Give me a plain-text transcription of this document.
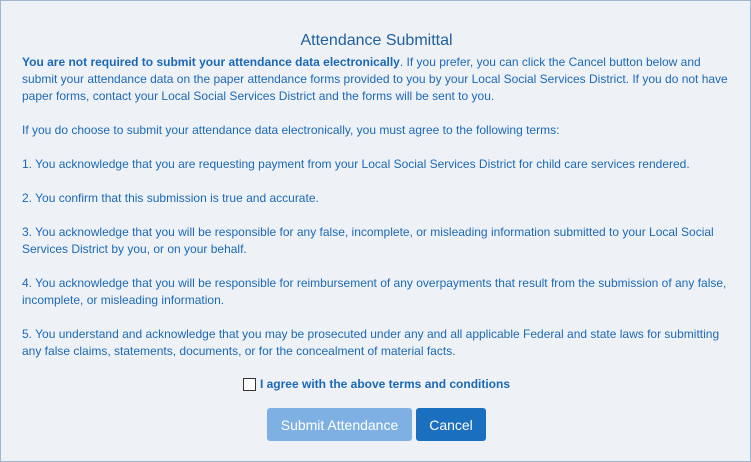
Attendance Submittal

You are not required to submit your attendance data electronically. If you prefer, you can click the Cancel button below and submit your attendance data on the paper attendance forms provided to you by your Local Social Services District. If you do not have paper forms, contact your Local Social Services District and the forms will be sent to you.

If you do choose to submit your attendance data electronically, you must agree to the following terms:

1. You acknowledge that you are requesting payment from your Local Social Services District for child care services rendered.

2. You confirm that this submission is true and accurate.

3. You acknowledge that you will be responsible for any false, incomplete, or misleading information submitted to your Local Social Services District by you, or on your behalf.

4. You acknowledge that you will be responsible for reimbursement of any overpayments that result from the submission of any false, incomplete, or misleading information.

5. You understand and acknowledge that you may be prosecuted under any and all applicable Federal and state laws for submitting any false claims, statements, documents, or for the concealment of material facts.

I agree with the above terms and conditions
Submit Attendance	Cancel
